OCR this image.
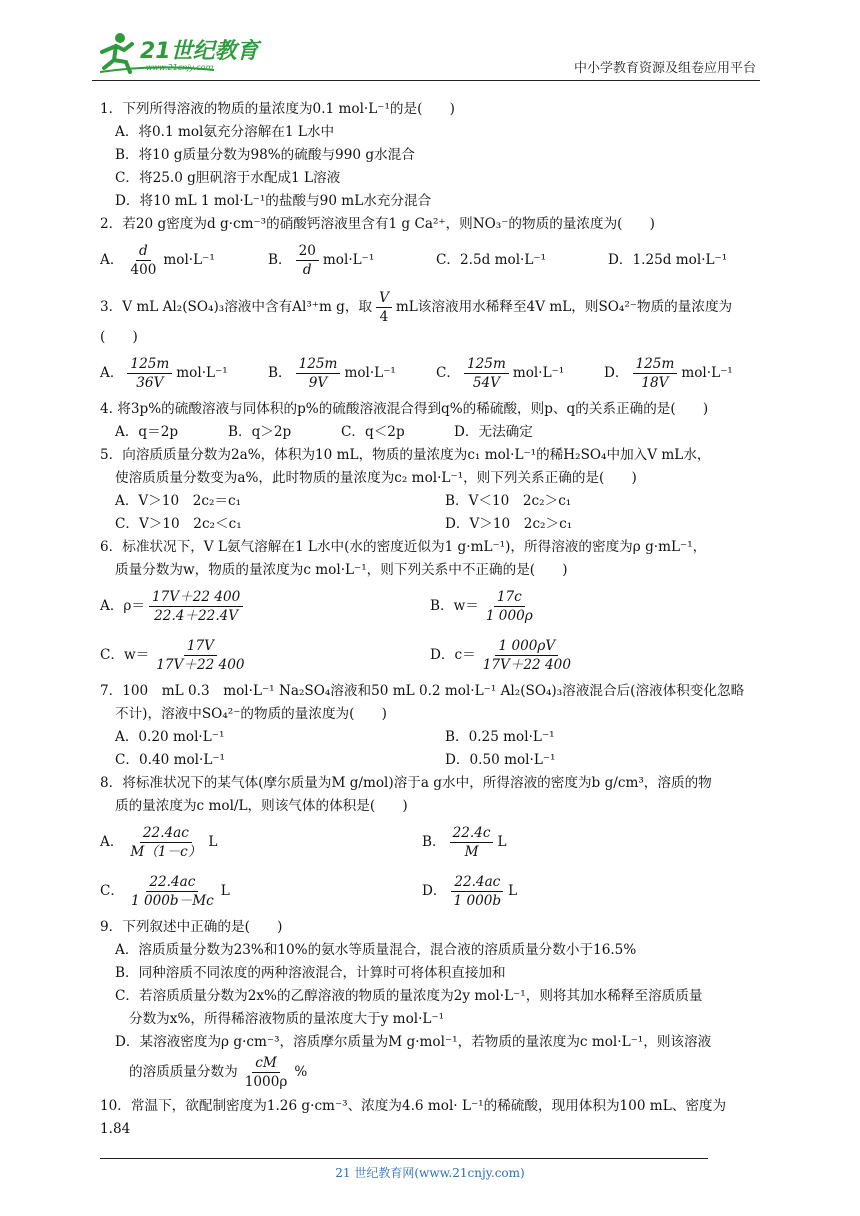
21世纪教育
www.21cnjy.com	中小学教育资源及组卷应用平台

1．下列所得溶液的物质的量浓度为0.1 mol·L⁻¹的是(　　)

A．将0.1 mol氨充分溶解在1 L水中

B．将10 g质量分数为98%的硫酸与990 g水混合

C．将25.0 g胆矾溶于水配成1 L溶液

D．将10 mL 1 mol·L⁻¹的盐酸与90 mL水充分混合

2．若20 g密度为d g·cm⁻³的硝酸钙溶液里含有1 g Ca²⁺，则NO₃⁻的物质的量浓度为(　　)

A． $\frac{d}{400} mol\cdot L^{-1}$	B． $\frac{20}{d} mol\cdot L^{-1}$	C．2.5d mol·L⁻¹	D．1.25d mol·L⁻¹
3．V mL Al₂(SO₄)₃溶液中含有Al³⁺m g，取 $\frac{V}{4}$ mL该溶液用水稀释至4V mL，则SO₄²⁻物质的量浓度为

(　　)

A． $\frac{125m}{36V} mol\cdot L^{-1}$	B． $\frac{125m}{9V} mol\cdot L^{-1}$	C． $\frac{125m}{54V} mol\cdot L^{-1}$	D． $\frac{125m}{18V} mol\cdot L^{-1}$

4. 将3p%的硫酸溶液与同体积的p%的硫酸溶液混合得到q%的稀硫酸，则p、q的关系正确的是(　　)

A．q＝2p	B．q＞2p	C．q＜2p	D．无法确定

5．向溶质质量分数为2a%，体积为10 mL，物质的量浓度为c₁ mol·L⁻¹的稀H₂SO₄中加入V mL水，

使溶质质量分数变为a%，此时物质的量浓度为c₂ mol·L⁻¹，则下列关系正确的是(　　)

A．V＞10　2c₂＝c₁	B．V＜10　2c₂＞c₁
C．V＞10　2c₂＜c₁	D．V＞10　2c₂＞c₁

6．标准状况下，V L氨气溶解在1 L水中(水的密度近似为1 g·mL⁻¹)，所得溶液的密度为ρ g·mL⁻¹，

质量分数为w，物质的量浓度为c mol·L⁻¹，则下列关系中不正确的是(　　)

A．$\rho= \frac{17V+22 400}{22.4+22.4V}$	B．$w= \frac{17c}{1 000\rho}$
C．$w= \frac{17V}{17V+22 400}$	D．$c= \frac{1 000\rho V}{17V+22 400}$

7．100　mL 0.3　mol·L⁻¹ Na₂SO₄溶液和50 mL 0.2 mol·L⁻¹ Al₂(SO₄)₃溶液混合后(溶液体积变化忽略

不计)，溶液中SO₄²⁻的物质的量浓度为(　　)

A．0.20 mol·L⁻¹	B．0.25 mol·L⁻¹
C．0.40 mol·L⁻¹	D．0.50 mol·L⁻¹

8．将标准状况下的某气体(摩尔质量为M g/mol)溶于a g水中，所得溶液的密度为b g/cm³，溶质的物

质的量浓度为c mol/L，则该气体的体积是(　　)

A． $\frac{22.4ac}{M(1-c)}$ L	B． $\frac{22.4c}{M}$ L
C． $\frac{22.4ac}{1 000b-Mc}$ L	D． $\frac{22.4ac}{1 000b}$ L

9．下列叙述中正确的是(　　)

A．溶质质量分数为23%和10%的氨水等质量混合，混合液的溶质质量分数小于16.5%

B．同种溶质不同浓度的两种溶液混合，计算时可将体积直接加和

C．若溶质质量分数为2x%的乙醇溶液的物质的量浓度为2y mol·L⁻¹，则将其加水稀释至溶质质量

分数为x%，所得稀溶液物质的量浓度大于y mol·L⁻¹

D．某溶液密度为ρ g·cm⁻³，溶质摩尔质量为M g·mol⁻¹，若物质的量浓度为c mol·L⁻¹，则该溶液

的溶质质量分数为 $\frac{cM}{1000\rho}$ %

10．常温下，欲配制密度为1.26 g·cm⁻³、浓度为4.6 mol· L⁻¹的稀硫酸，现用体积为100 mL、密度为

1.84

21 世纪教育网(www.21cnjy.com)
